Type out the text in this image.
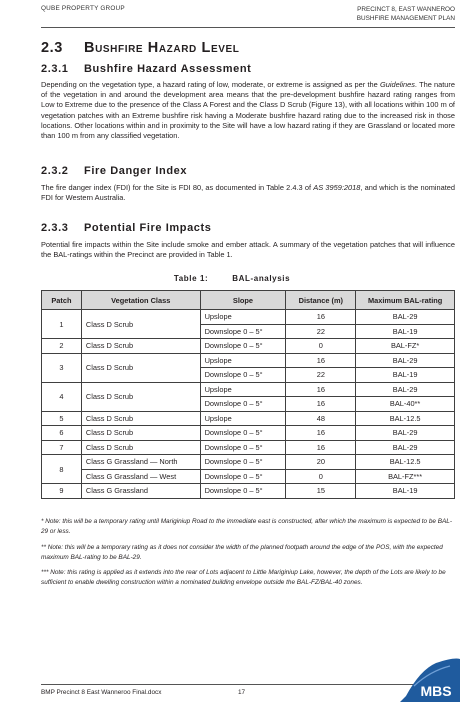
QUBE PROPERTY GROUP	PRECINCT 8, EAST WANNEROO
BUSHFIRE MANAGEMENT PLAN
2.3 Bushfire Hazard Level
2.3.1 Bushfire Hazard Assessment
Depending on the vegetation type, a hazard rating of low, moderate, or extreme is assigned as per the Guidelines. The nature of the vegetation in and around the development area means that the pre-development bushfire hazard rating ranges from Low to Extreme due to the presence of the Class A Forest and the Class D Scrub (Figure 13), with all locations within 100 m of vegetation patches with an Extreme bushfire risk having a Moderate bushfire hazard rating due to the increased risk in those locations. Other locations within and in proximity to the Site will have a low hazard rating if they are Grassland or located more than 100 m from any classified vegetation.
2.3.2 Fire Danger Index
The fire danger index (FDI) for the Site is FDI 80, as documented in Table 2.4.3 of AS 3959:2018, and which is the nominated FDI for Western Australia.
2.3.3 Potential Fire Impacts
Potential fire impacts within the Site include smoke and ember attack. A summary of the vegetation patches that will influence the BAL-ratings within the Precinct are provided in Table 1.
Table 1:	BAL-analysis
Patch	Vegetation Class	Slope	Distance (m)	Maximum BAL-rating
1	Class D Scrub	Upslope	16	BAL-29
		Downslope 0 – 5°	22	BAL-19
2	Class D Scrub	Downslope 0 – 5°	0	BAL-FZ*
3	Class D Scrub	Upslope	16	BAL-29
		Downslope 0 – 5°	22	BAL-19
4	Class D Scrub	Upslope	16	BAL-29
		Downslope 0 – 5°	16	BAL-40**
5	Class D Scrub	Upslope	48	BAL-12.5
6	Class D Scrub	Downslope 0 – 5°	16	BAL-29
7	Class D Scrub	Downslope 0 – 5°	16	BAL-29
8	Class G Grassland — North	Downslope 0 – 5°	20	BAL-12.5
	Class G Grassland — West	Downslope 0 – 5°	0	BAL-FZ***
9	Class G Grassland	Downslope 0 – 5°	15	BAL-19
* Note: this will be a temporary rating until Mariginiup Road to the immediate east is constructed, after which the maximum is expected to be BAL-29 or less.
** Note: this will be a temporary rating as it does not consider the width of the planned footpath around the edge of the POS, with the expected maximum BAL-rating to be BAL-29.
*** Note: this rating is applied as it extends into the rear of Lots adjacent to Little Mariginiup Lake, however, the depth of the Lots are likely to be sufficient to enable dwelling construction within a nominated building envelope outside the BAL-FZ/BAL-40 zones.
BMP Precinct 8 East Wanneroo Final.docx	17	MBS
